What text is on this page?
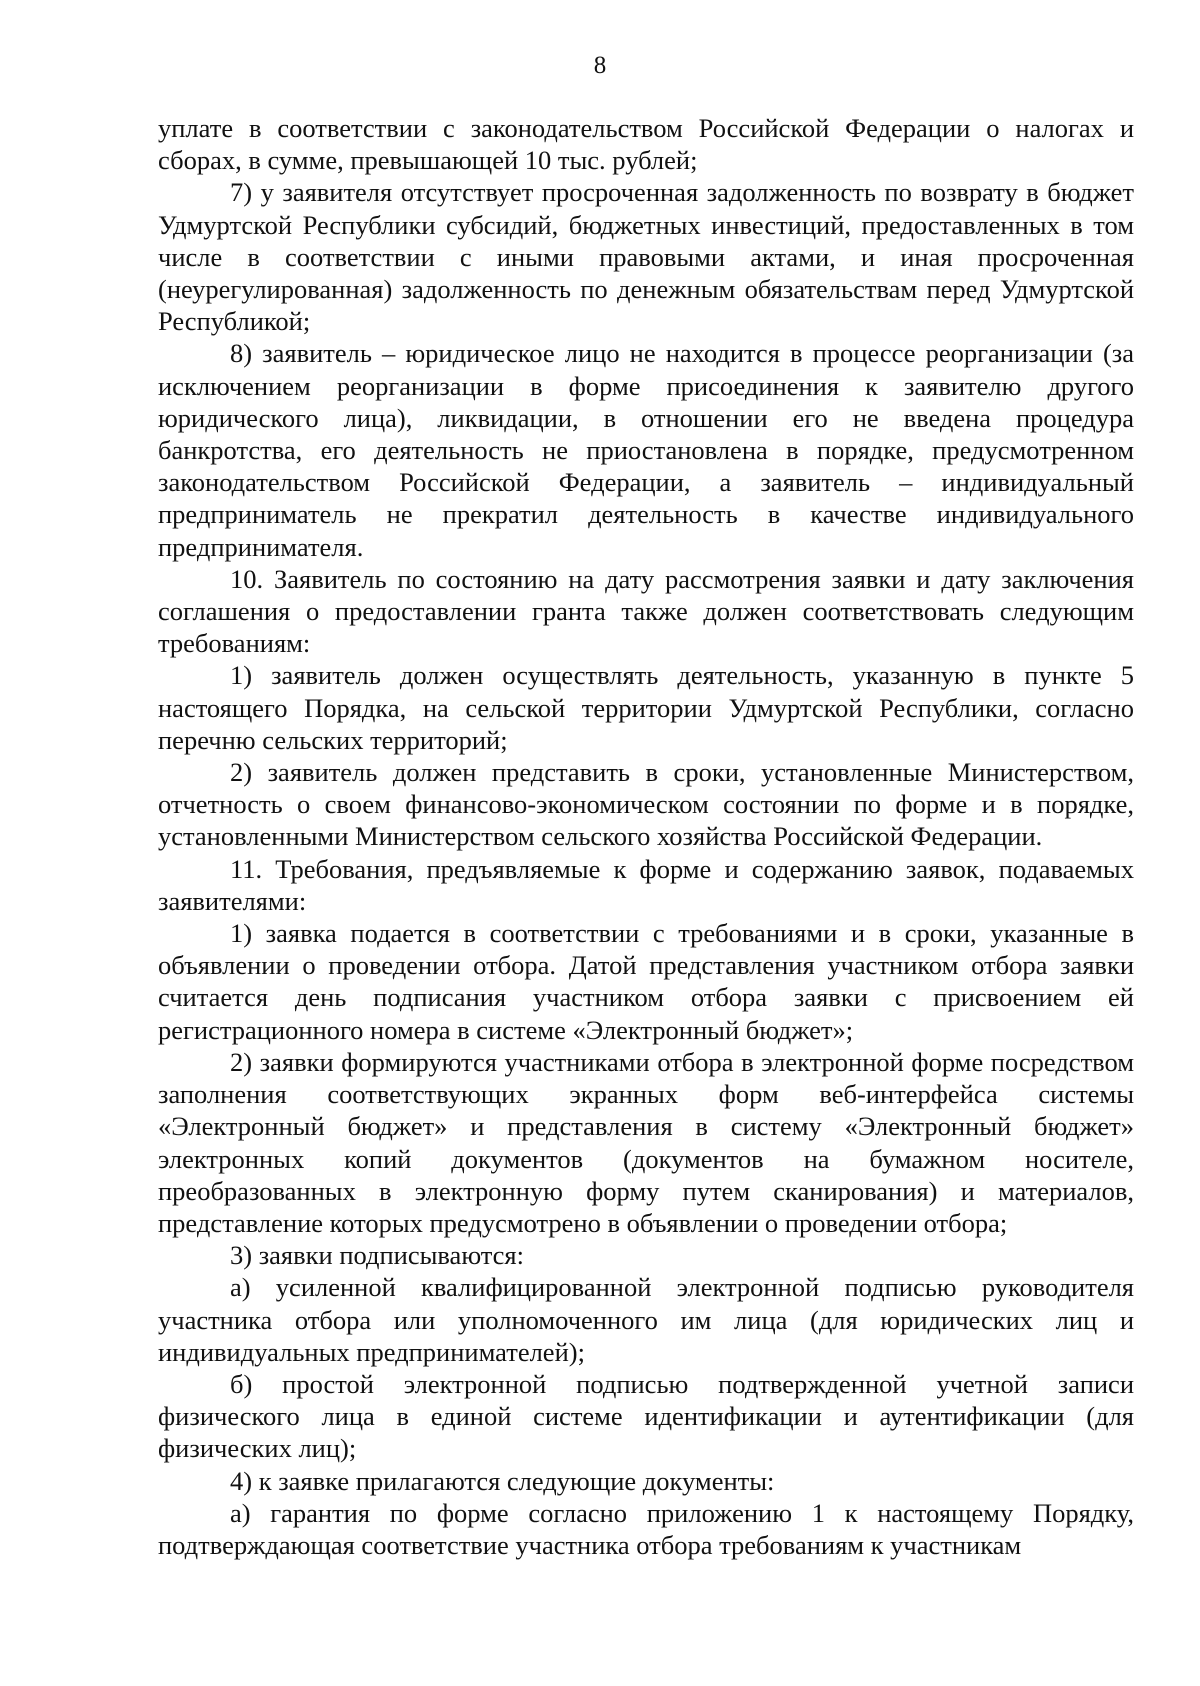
8

уплате в соответствии с законодательством Российской Федерации о налогах и сборах, в сумме, превышающей 10 тыс. рублей;

7) у заявителя отсутствует просроченная задолженность по возврату в бюджет Удмуртской Республики субсидий, бюджетных инвестиций, предоставленных в том числе в соответствии с иными правовыми актами, и иная просроченная (неурегулированная) задолженность по денежным обязательствам перед Удмуртской Республикой;

8) заявитель – юридическое лицо не находится в процессе реорганизации (за исключением реорганизации в форме присоединения к заявителю другого юридического лица), ликвидации, в отношении его не введена процедура банкротства, его деятельность не приостановлена в порядке, предусмотренном законодательством Российской Федерации, а заявитель – индивидуальный предприниматель не прекратил деятельность в качестве индивидуального предпринимателя.

10. Заявитель по состоянию на дату рассмотрения заявки и дату заключения соглашения о предоставлении гранта также должен соответствовать следующим требованиям:

1) заявитель должен осуществлять деятельность, указанную в пункте 5 настоящего Порядка, на сельской территории Удмуртской Республики, согласно перечню сельских территорий;

2) заявитель должен представить в сроки, установленные Министерством, отчетность о своем финансово-экономическом состоянии по форме и в порядке, установленными Министерством сельского хозяйства Российской Федерации.

11. Требования, предъявляемые к форме и содержанию заявок, подаваемых заявителями:

1) заявка подается в соответствии с требованиями и в сроки, указанные в объявлении о проведении отбора. Датой представления участником отбора заявки считается день подписания участником отбора заявки с присвоением ей регистрационного номера в системе «Электронный бюджет»;

2) заявки формируются участниками отбора в электронной форме посредством заполнения соответствующих экранных форм веб-интерфейса системы «Электронный бюджет» и представления в систему «Электронный бюджет» электронных копий документов (документов на бумажном носителе, преобразованных в электронную форму путем сканирования) и материалов, представление которых предусмотрено в объявлении о проведении отбора;

3) заявки подписываются:

а) усиленной квалифицированной электронной подписью руководителя участника отбора или уполномоченного им лица (для юридических лиц и индивидуальных предпринимателей);

б) простой электронной подписью подтвержденной учетной записи физического лица в единой системе идентификации и аутентификации (для физических лиц);

4) к заявке прилагаются следующие документы:

а) гарантия по форме согласно приложению 1 к настоящему Порядку, подтверждающая соответствие участника отбора требованиям к участникам
